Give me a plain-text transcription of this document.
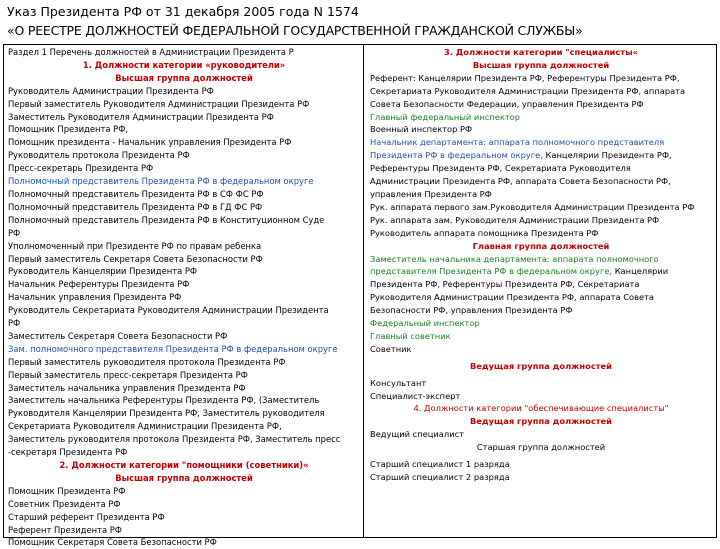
Указ Президента РФ от 31 декабря 2005 года N 1574
«О РЕЕСТРЕ ДОЛЖНОСТЕЙ ФЕДЕРАЛЬНОЙ ГОСУДАРСТВЕННОЙ ГРАЖДАНСКОЙ СЛУЖБЫ»
Раздел 1 Перечень должностей в Администрации Президента Р
1. Должности категории «руководители»
Высшая группа должностей
Руководитель Администрации Президента РФ
Первый заместитель Руководителя Администрации Президента РФ
Заместитель Руководителя Администрации Президента РФ
Помощник Президента РФ,
Помощник президента - Начальник управления Президента РФ
Руководитель протокола Президента РФ
Пресс-секретарь Президента РФ
Полномочный представитель Президента РФ в федеральном округе
Полномочный представитель Президента РФ в СФ ФС РФ
Полномочный представитель Президента РФ в ГД ФС РФ
Полномочный представитель Президента РФ в Конституционном Суде
РФ
Уполномоченный при Президенте РФ по правам ребенка
Первый заместитель Секретаря Совета Безопасности РФ
Руководитель Канцелярии Президента РФ
Начальник Референтуры Президента РФ
Начальник управления Президента РФ
Руководитель Секретариата Руководителя Администрации Президента
РФ
Заместитель Секретаря Совета Безопасности РФ
Зам. полномочного представителя Президента РФ в федеральном округе
Первый заместитель руководителя протокола Президента РФ
Первый заместитель пресс-секретаря Президента РФ
Заместитель начальника управления Президента РФ
Заместитель начальника Референтуры Президента РФ, (Заместитель
Руководителя Канцелярии Президента РФ, Заместитель руководителя
Секретариата Руководителя Администрации Президента РФ,
Заместитель руководителя протокола Президента РФ, Заместитель пресс
-секретаря Президента РФ
2. Должности категории "помощники (советники)«
Высшая группа должностей
Помощник Президента РФ
Советник Президента РФ
Старший референт Президента РФ
Референт Президента РФ
Помощник Секретаря Совета Безопасности РФ
3. Должности категории "специалисты«
Высшая группа должностей
Референт: Канцелярии Президента РФ, Референтуры Президента РФ,
Секретариата Руководителя Администрации Президента РФ, аппарата
Совета Безопасности Федерации, управления Президента РФ
Главный федеральный инспектор
Военный инспектор РФ
Начальник департамента: аппарата полномочного представителя
Президента РФ в федеральном округе, Канцелярии Президента РФ,
Референтуры Президента РФ, Секретариата Руководителя
Администрации Президента РФ, аппарата Совета Безопасности РФ,
управления Президента РФ
Рук. аппарата первого зам.Руководителя Администрации Президента РФ
Рук. аппарата зам. Руководителя Администрации Президента РФ
Руководитель аппарата помощника Президента РФ
Главная группа должностей
Заместитель начальника департамента: аппарата полномочного
представителя Президента РФ в федеральном округе, Канцелярии
Президента РФ, Референтуры Президента РФ, Секретариата
Руководителя Администрации Президента РФ, аппарата Совета
Безопасности РФ, управления Президента РФ
Федеральный инспектор
Главный советник
Советник
Ведущая группа должностей
Консультант
Специалист-эксперт
4. Должности категории "обеспечивающие специалисты"
Ведущая группа должностей
Ведущий специалист
Старшая группа должностей
Старший специалист 1 разряда
Старший специалист 2 разряда
